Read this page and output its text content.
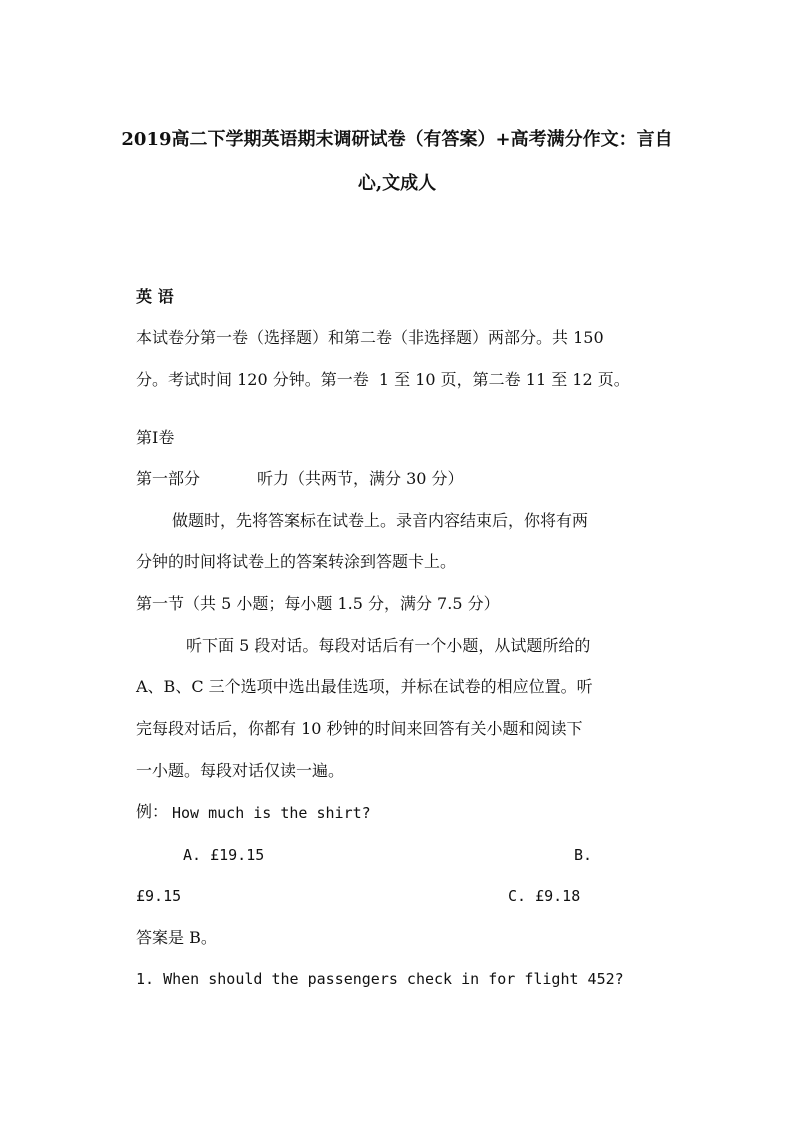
2019高二下学期英语期末调研试卷（有答案）+高考满分作文：言自
心,文成人
英 语
本试卷分第一卷（选择题）和第二卷（非选择题）两部分。共 150
分。考试时间 120 分钟。第一卷  1 至 10 页，第二卷 11 至 12 页。
第Ⅰ卷
第一部分	听力（共两节，满分 30 分）
做题时，先将答案标在试卷上。录音内容结束后，你将有两
分钟的时间将试卷上的答案转涂到答题卡上。
第一节（共 5 小题；每小题 1.5 分，满分 7.5 分）
听下面 5 段对话。每段对话后有一个小题，从试题所给的
A、B、C 三个选项中选出最佳选项，并标在试卷的相应位置。听
完每段对话后，你都有 10 秒钟的时间来回答有关小题和阅读下
一小题。每段对话仅读一遍。
例： How much is the shirt?
A. £19.15	B.
£9.15	C. £9.18
答案是 B。
1. When should the passengers check in for flight 452?
